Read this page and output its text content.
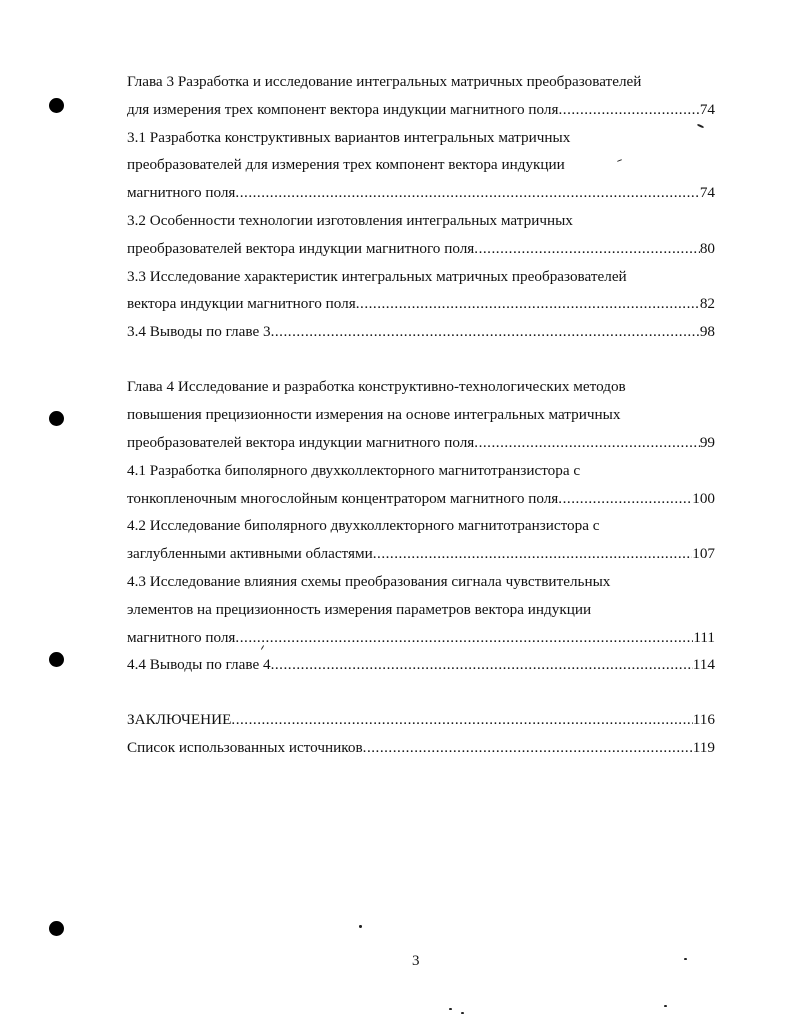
Глава 3 Разработка и исследование интегральных матричных преобразователей
для измерения трех компонент вектора индукции магнитного поля .....	74
3.1 Разработка конструктивных вариантов интегральных матричных
преобразователей для измерения трех компонент вектора индукции
магнитного поля .....	74
3.2 Особенности технологии изготовления интегральных матричных
преобразователей вектора индукции магнитного поля .....	80
3.3 Исследование характеристик интегральных матричных преобразователей
вектора индукции магнитного поля .....	82
3.4 Выводы по главе 3 .....	98
Глава 4 Исследование и разработка конструктивно-технологических методов
повышения прецизионности измерения на основе интегральных матричных
преобразователей вектора индукции магнитного поля .....	99
4.1 Разработка биполярного двухколлекторного магнитотранзистора с
тонкопленочным многослойным концентратором магнитного поля .....	100
4.2 Исследование биполярного двухколлекторного магнитотранзистора с
заглубленными активными областями .....	107
4.3 Исследование влияния схемы преобразования сигнала чувствительных
элементов на прецизионность измерения параметров вектора индукции
магнитного поля .....	111
4.4 Выводы по главе 4 .....	114
ЗАКЛЮЧЕНИЕ .....	116
Список использованных источников .....	119
3
